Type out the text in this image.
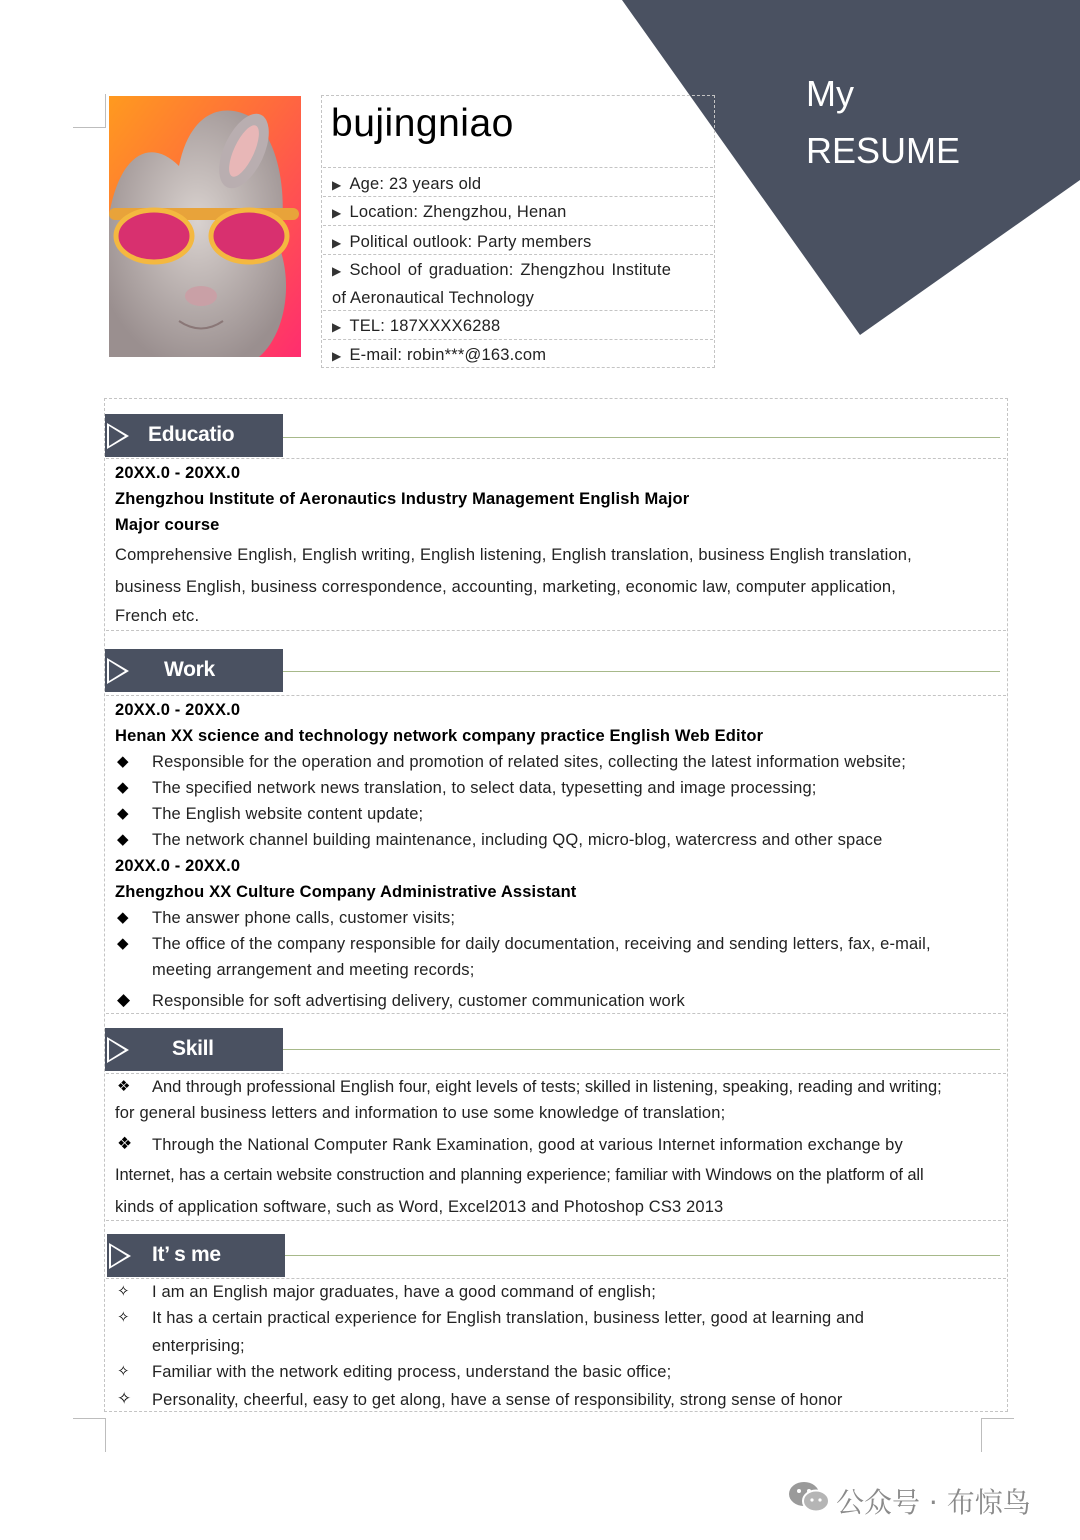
My
RESUME
bujingniao
▶ Age: 23 years old
▶ Location: Zhengzhou, Henan
▶ Political outlook: Party members
▶ School of graduation: Zhengzhou Institute
of Aeronautical Technology
▶ TEL: 187XXXX6288
▶ E-mail: robin***@163.com
Educatio
20XX.0 - 20XX.0
Zhengzhou Institute of Aeronautics Industry Management English Major
Major course
Comprehensive English, English writing, English listening, English translation, business English translation,
business English, business correspondence, accounting, marketing, economic law, computer application,
French etc.
Work
20XX.0 - 20XX.0
Henan XX science and technology network company practice English Web Editor
◆ Responsible for the operation and promotion of related sites, collecting the latest information website;
◆ The specified network news translation, to select data, typesetting and image processing;
◆ The English website content update;
◆ The network channel building maintenance, including QQ, micro-blog, watercress and other space
20XX.0 - 20XX.0
Zhengzhou XX Culture Company Administrative Assistant
◆ The answer phone calls, customer visits;
◆ The office of the company responsible for daily documentation, receiving and sending letters, fax, e-mail,
meeting arrangement and meeting records;
◆ Responsible for soft advertising delivery, customer communication work
Skill
❖ And through professional English four, eight levels of tests; skilled in listening, speaking, reading and writing;
for general business letters and information to use some knowledge of translation;
❖ Through the National Computer Rank Examination, good at various Internet information exchange by
Internet, has a certain website construction and planning experience; familiar with Windows on the platform of all
kinds of application software, such as Word, Excel2013 and Photoshop CS3 2013
It’ s me
✧ I am an English major graduates, have a good command of english;
✧ It has a certain practical experience for English translation, business letter, good at learning and
enterprising;
✧ Familiar with the network editing process, understand the basic office;
✧ Personality, cheerful, easy to get along, have a sense of responsibility, strong sense of honor
公众号 · 布惊鸟
